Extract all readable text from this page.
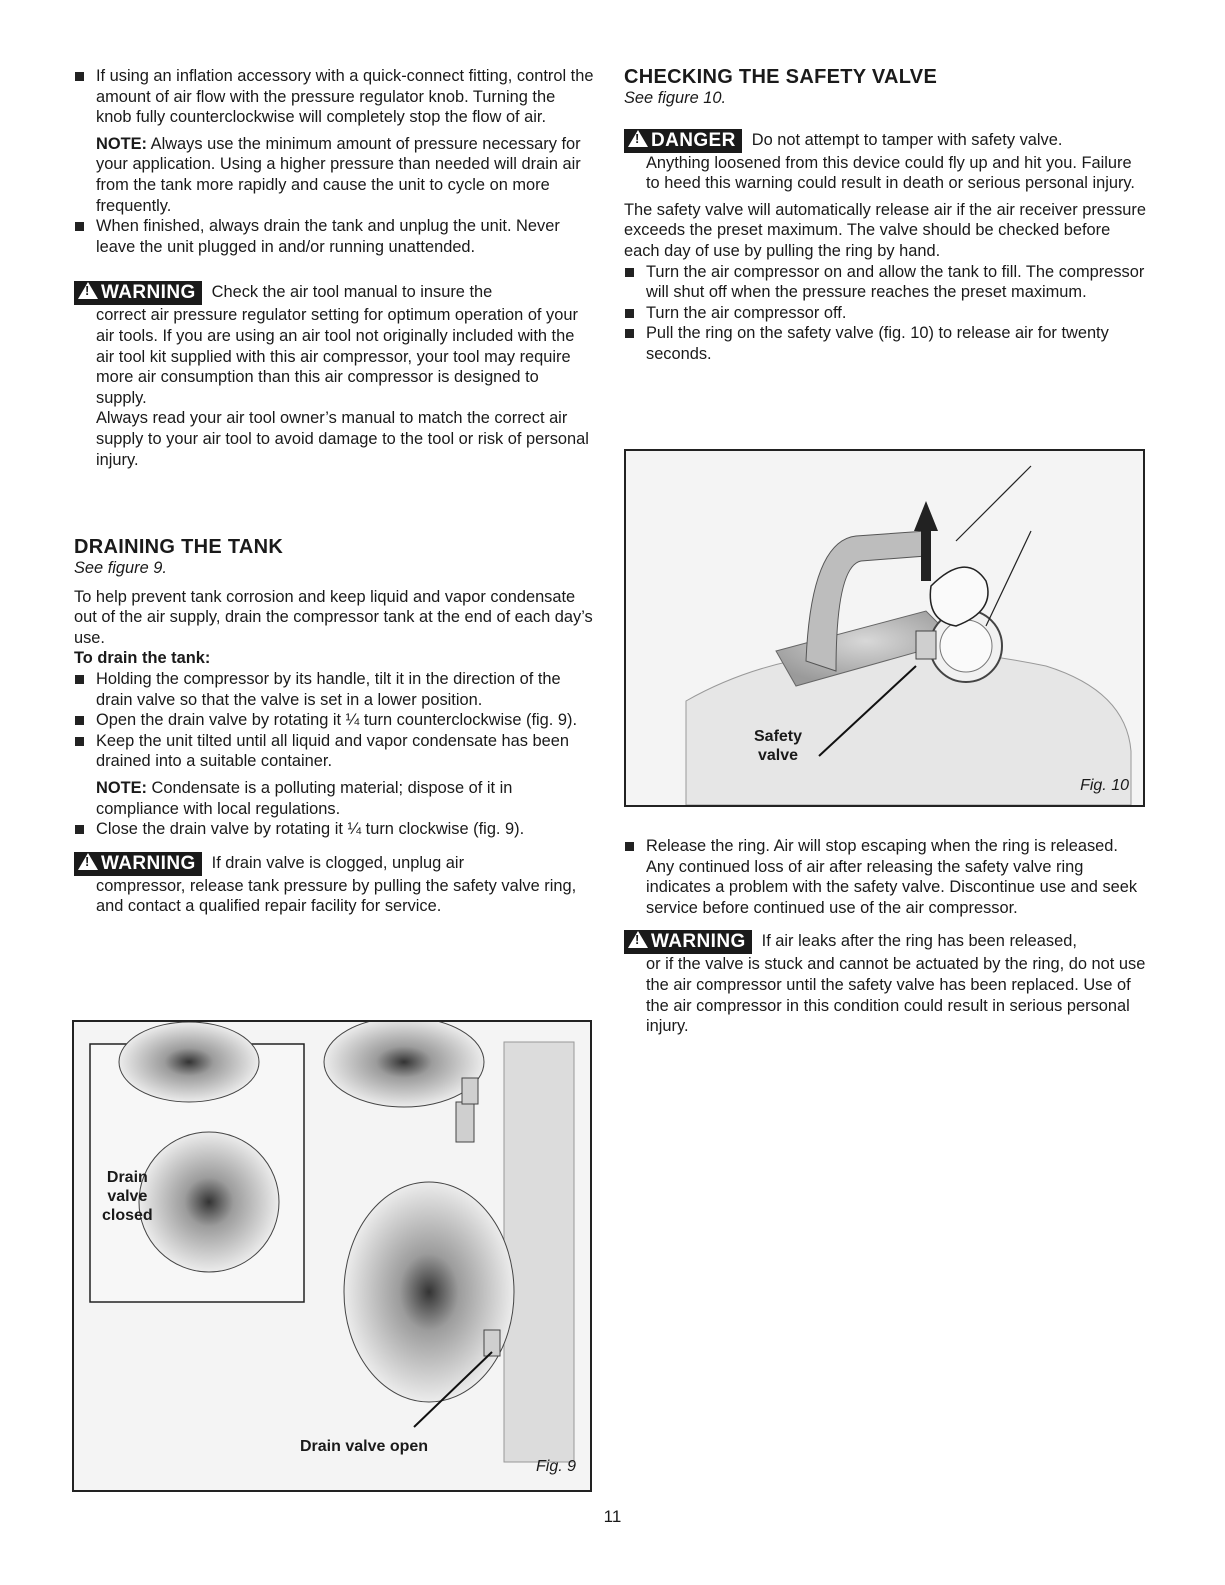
If using an inflation accessory with a quick-connect fitting, control the amount of air flow with the pressure regulator knob. Turning the knob fully counterclockwise will completely stop the flow of air.

NOTE: Always use the minimum amount of pressure necessary for your application. Using a higher pressure than needed will drain air from the tank more rapidly and cause the unit to cycle on more frequently.

When finished, always drain the tank and unplug the unit. Never leave the unit plugged in and/or running unattended.

!WARNING Check the air tool manual to insure the

correct air pressure regulator setting for optimum operation of your air tools. If you are using an air tool not originally included with the air tool kit supplied with this air compressor, your tool may require more air consumption than this air compressor is designed to supply.

Always read your air tool owner’s manual to match the correct air supply to your air tool to avoid damage to the tool or risk of personal injury.

DRAINING THE TANK

See figure 9.

To help prevent tank corrosion and keep liquid and vapor condensate out of the air supply, drain the compressor tank at the end of each day’s use.

To drain the tank:

Holding the compressor by its handle, tilt it in the direction of the drain valve so that the valve is set in a lower position.

Open the drain valve by rotating it ¼ turn counterclockwise (fig. 9).

Keep the unit tilted until all liquid and vapor condensate has been drained into a suitable container.

NOTE: Condensate is a polluting material; dispose of it in compliance with local regulations.

Close the drain valve by rotating it ¼ turn clockwise (fig. 9).

!WARNING If drain valve is clogged, unplug air

compressor, release tank pressure by pulling the safety valve ring, and contact a qualified repair facility for service.

CHECKING THE SAFETY VALVE

See figure 10.

!DANGER Do not attempt to tamper with safety valve.

Anything loosened from this device could fly up and hit you. Failure to heed this warning could result in death or serious personal injury.

The safety valve will automatically release air if the air receiver pressure exceeds the preset maximum. The valve should be checked before each day of use by pulling the ring by hand.

Turn the air compressor on and allow the tank to fill. The compressor will shut off when the pressure reaches the preset maximum.

Turn the air compressor off.

Pull the ring on the safety valve (fig. 10) to release air for twenty seconds.

Release the ring. Air will stop escaping when the ring is released. Any continued loss of air after releasing the safety valve ring indicates a problem with the safety valve. Discontinue use and seek service before continued use of the air compressor.

!WARNING If air leaks after the ring has been released,

or if the valve is stuck and cannot be actuated by the ring, do not use the air compressor until the safety valve has been replaced. Use of the air compressor in this condition could result in serious personal injury.

Safety
valve
Fig. 10
Drain
valve
closed
Drain valve open
Fig. 9
11
